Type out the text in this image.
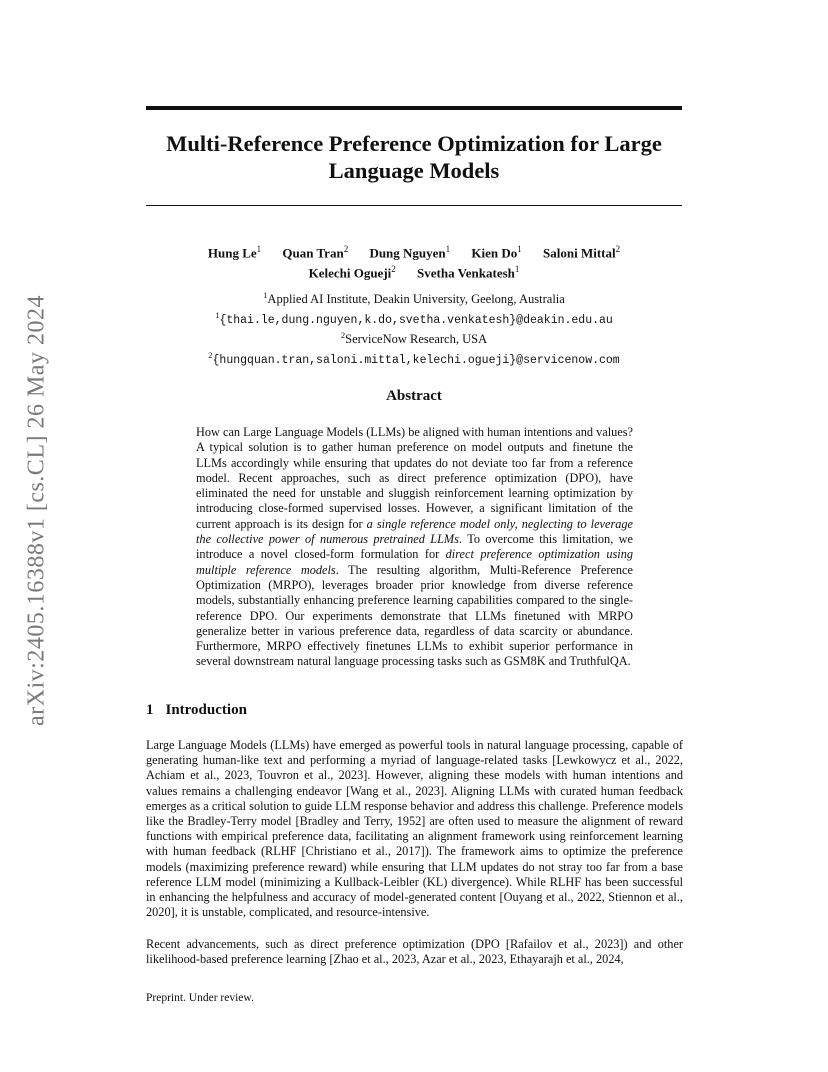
arXiv:2405.16388v1 [cs.CL] 26 May 2024
Multi-Reference Preference Optimization for Large Language Models
Hung Le$^1$ Quan Tran$^2$ Dung Nguyen$^1$ Kien Do$^1$ Saloni Mittal$^2$
Kelechi Ogueji$^2$ Svetha Venkatesh$^1$
$^1$Applied AI Institute, Deakin University, Geelong, Australia
$^1${thai.le,dung.nguyen,k.do,svetha.venkatesh}@deakin.edu.au
$^2$ServiceNow Research, USA
$^2${hungquan.tran,saloni.mittal,kelechi.ogueji}@servicenow.com
Abstract
How can Large Language Models (LLMs) be aligned with human intentions and values? A typical solution is to gather human preference on model outputs and finetune the LLMs accordingly while ensuring that updates do not deviate too far from a reference model. Recent approaches, such as direct preference optimization (DPO), have eliminated the need for unstable and sluggish reinforcement learning optimization by introducing close-formed supervised losses. However, a significant limitation of the current approach is its design for a single reference model only, neglecting to leverage the collective power of numerous pretrained LLMs. To overcome this limitation, we introduce a novel closed-form formulation for direct preference optimization using multiple reference models. The resulting algorithm, Multi-Reference Preference Optimization (MRPO), leverages broader prior knowledge from diverse reference models, substantially enhancing preference learning capabilities compared to the single-reference DPO. Our experiments demonstrate that LLMs finetuned with MRPO generalize better in various preference data, regardless of data scarcity or abundance. Furthermore, MRPO effectively finetunes LLMs to exhibit superior performance in several downstream natural language processing tasks such as GSM8K and TruthfulQA.
1 Introduction
Large Language Models (LLMs) have emerged as powerful tools in natural language processing, capable of generating human-like text and performing a myriad of language-related tasks [Lewkowycz et al., 2022, Achiam et al., 2023, Touvron et al., 2023]. However, aligning these models with human intentions and values remains a challenging endeavor [Wang et al., 2023]. Aligning LLMs with curated human feedback emerges as a critical solution to guide LLM response behavior and address this challenge. Preference models like the Bradley-Terry model [Bradley and Terry, 1952] are often used to measure the alignment of reward functions with empirical preference data, facilitating an alignment framework using reinforcement learning with human feedback (RLHF [Christiano et al., 2017]). The framework aims to optimize the preference models (maximizing preference reward) while ensuring that LLM updates do not stray too far from a base reference LLM model (minimizing a Kullback-Leibler (KL) divergence). While RLHF has been successful in enhancing the helpfulness and accuracy of model-generated content [Ouyang et al., 2022, Stiennon et al., 2020], it is unstable, complicated, and resource-intensive.
Recent advancements, such as direct preference optimization (DPO [Rafailov et al., 2023]) and other likelihood-based preference learning [Zhao et al., 2023, Azar et al., 2023, Ethayarajh et al., 2024,
Preprint. Under review.
